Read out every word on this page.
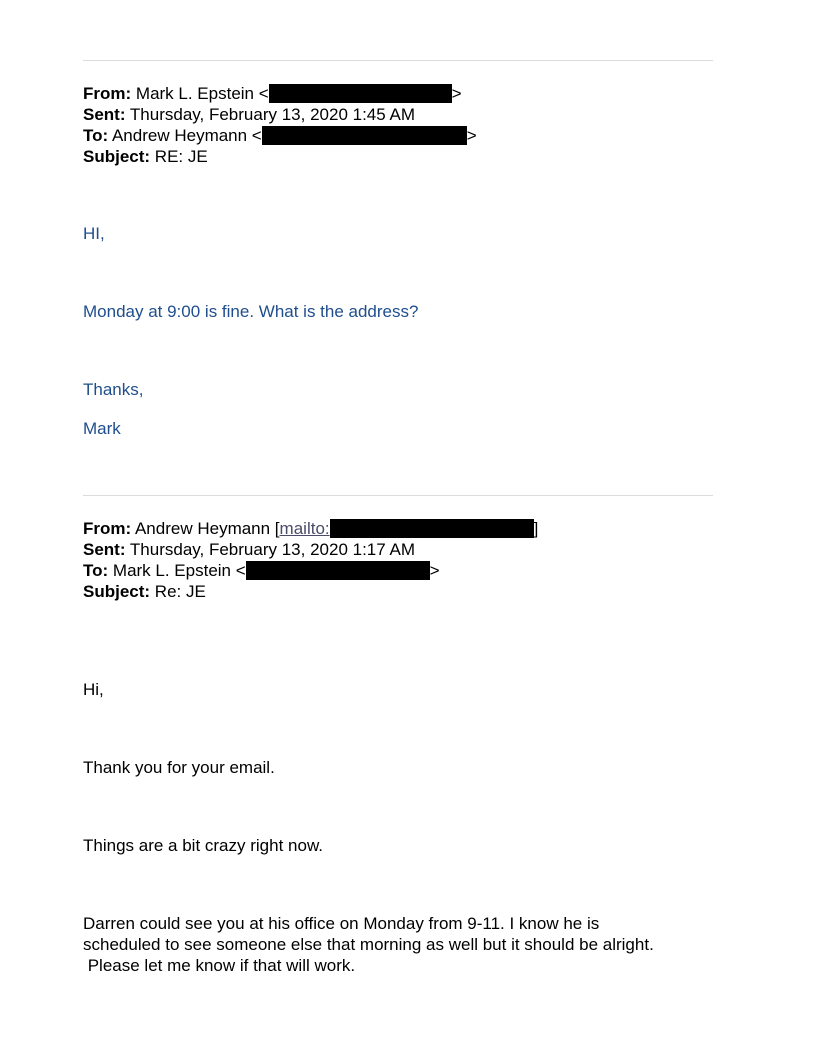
From: Mark L. Epstein <	>
Sent: Thursday, February 13, 2020 1:45 AM
To: Andrew Heymann <	>
Subject: RE: JE
HI,
Monday at 9:00 is fine. What is the address?
Thanks,
Mark
From: Andrew Heymann [mailto:	]
Sent: Thursday, February 13, 2020 1:17 AM
To: Mark L. Epstein <	>
Subject: Re: JE
Hi,
Thank you for your email.
Things are a bit crazy right now.
Darren could see you at his office on Monday from 9-11. I know he is
scheduled to see someone else that morning as well but it should be alright.
Please let me know if that will work.
